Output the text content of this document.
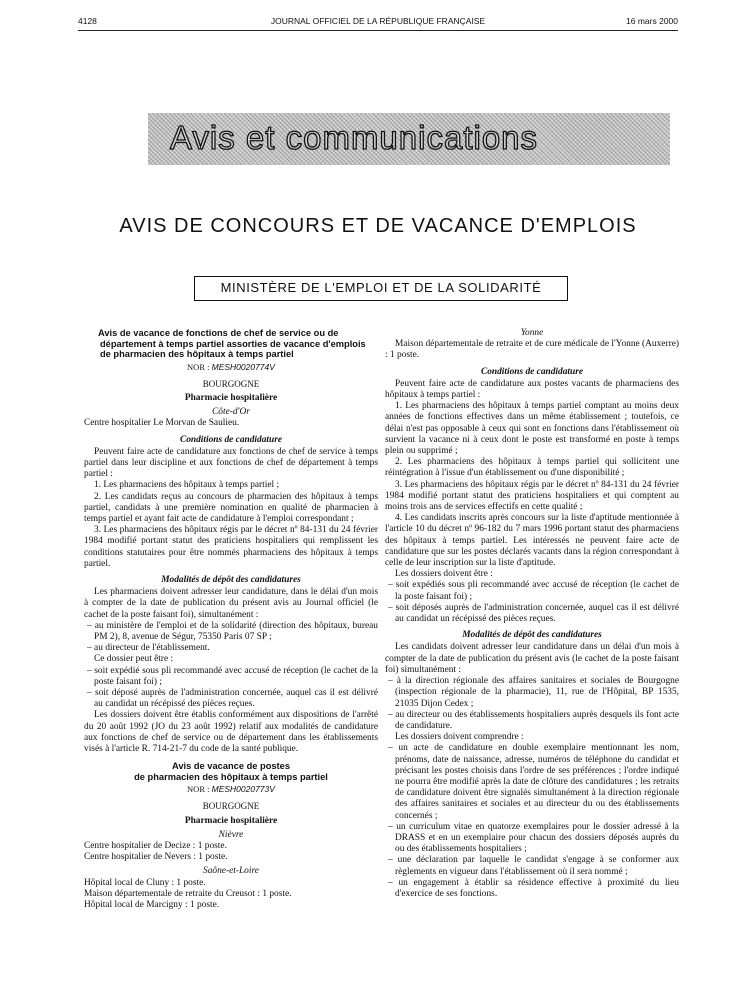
4128	JOURNAL OFFICIEL DE LA RÉPUBLIQUE FRANÇAISE	16 mars 2000
Avis et communications
AVIS DE CONCOURS ET DE VACANCE D'EMPLOIS
MINISTÈRE DE L'EMPLOI ET DE LA SOLIDARITÉ
Avis de vacance de fonctions de chef de service ou de département à temps partiel assorties de vacance d'emplois de pharmacien des hôpitaux à temps partiel
NOR : MESH0020774V
BOURGOGNE
Pharmacie hospitalière
Côte-d'Or

Centre hospitalier Le Morvan de Saulieu.

Conditions de candidature

Peuvent faire acte de candidature aux fonctions de chef de service à temps partiel dans leur discipline et aux fonctions de chef de département à temps partiel :

1. Les pharmaciens des hôpitaux à temps partiel ;

2. Les candidats reçus au concours de pharmacien des hôpitaux à temps partiel, candidats à une première nomination en qualité de pharmacien à temps partiel et ayant fait acte de candidature à l'emploi correspondant ;

3. Les pharmaciens des hôpitaux régis par le décret nº 84-131 du 24 février 1984 modifié portant statut des praticiens hospitaliers qui remplissent les conditions statutaires pour être nommés pharmaciens des hôpitaux à temps partiel.

Modalités de dépôt des candidatures

Les pharmaciens doivent adresser leur candidature, dans le délai d'un mois à compter de la date de publication du présent avis au Journal officiel (le cachet de la poste faisant foi), simultanément :

– au ministère de l'emploi et de la solidarité (direction des hôpitaux, bureau PM 2), 8, avenue de Ségur, 75350 Paris 07 SP ;

– au directeur de l'établissement.

Ce dossier peut être :

– soit expédié sous pli recommandé avec accusé de réception (le cachet de la poste faisant foi) ;

– soit déposé auprès de l'administration concernée, auquel cas il est délivré au candidat un récépissé des pièces reçues.

Les dossiers doivent être établis conformément aux dispositions de l'arrêté du 20 août 1992 (JO du 23 août 1992) relatif aux modalités de candidature aux fonctions de chef de service ou de département dans les établissements visés à l'article R. 714-21-7 du code de la santé publique.

Avis de vacance de postes
de pharmacien des hôpitaux à temps partiel
NOR : MESH0020773V
BOURGOGNE
Pharmacie hospitalière
Nièvre

Centre hospitalier de Decize : 1 poste.

Centre hospitalier de Nevers : 1 poste.

Saône-et-Loire

Hôpital local de Cluny : 1 poste.

Maison départementale de retraite du Creusot : 1 poste.

Hôpital local de Marcigny : 1 poste.

Yonne

Maison départementale de retraite et de cure médicale de l'Yonne (Auxerre) : 1 poste.

Conditions de candidature

Peuvent faire acte de candidature aux postes vacants de pharmaciens des hôpitaux à temps partiel :

1. Les pharmaciens des hôpitaux à temps partiel comptant au moins deux années de fonctions effectives dans un même établissement ; toutefois, ce délai n'est pas opposable à ceux qui sont en fonctions dans l'établissement où survient la vacance ni à ceux dont le poste est transformé en poste à temps plein ou supprimé ;

2. Les pharmaciens des hôpitaux à temps partiel qui sollicitent une réintégration à l'issue d'un établissement ou d'une disponibilité ;

3. Les pharmaciens des hôpitaux régis par le décret nº 84-131 du 24 février 1984 modifié portant statut des praticiens hospitaliers et qui comptent au moins trois ans de services effectifs en cette qualité ;

4. Les candidats inscrits après concours sur la liste d'aptitude mentionnée à l'article 10 du décret nº 96-182 du 7 mars 1996 portant statut des pharmaciens des hôpitaux à temps partiel. Les intéressés ne peuvent faire acte de candidature que sur les postes déclarés vacants dans la région correspondant à celle de leur inscription sur la liste d'aptitude.

Les dossiers doivent être :

– soit expédiés sous pli recommandé avec accusé de réception (le cachet de la poste faisant foi) ;

– soit déposés auprès de l'administration concernée, auquel cas il est délivré au candidat un récépissé des pièces reçues.

Modalités de dépôt des candidatures

Les candidats doivent adresser leur candidature dans un délai d'un mois à compter de la date de publication du présent avis (le cachet de la poste faisant foi) simultanément :

– à la direction régionale des affaires sanitaires et sociales de Bourgogne (inspection régionale de la pharmacie), 11, rue de l'Hôpital, BP 1535, 21035 Dijon Cedex ;

– au directeur ou des établissements hospitaliers auprès desquels ils font acte de candidature.

Les dossiers doivent comprendre :

– un acte de candidature en double exemplaire mentionnant les nom, prénoms, date de naissance, adresse, numéros de téléphone du candidat et précisant les postes choisis dans l'ordre de ses préférences ; l'ordre indiqué ne pourra être modifié après la date de clôture des candidatures ; les retraits de candidature doivent être signalés simultanément à la direction régionale des affaires sanitaires et sociales et au directeur du ou des établissements concernés ;

– un curriculum vitae en quatorze exemplaires pour le dossier adressé à la DRASS et en un exemplaire pour chacun des dossiers déposés auprès du ou des établissements hospitaliers ;

– une déclaration par laquelle le candidat s'engage à se conformer aux règlements en vigueur dans l'établissement où il sera nommé ;

– un engagement à établir sa résidence effective à proximité du lieu d'exercice de ses fonctions.
